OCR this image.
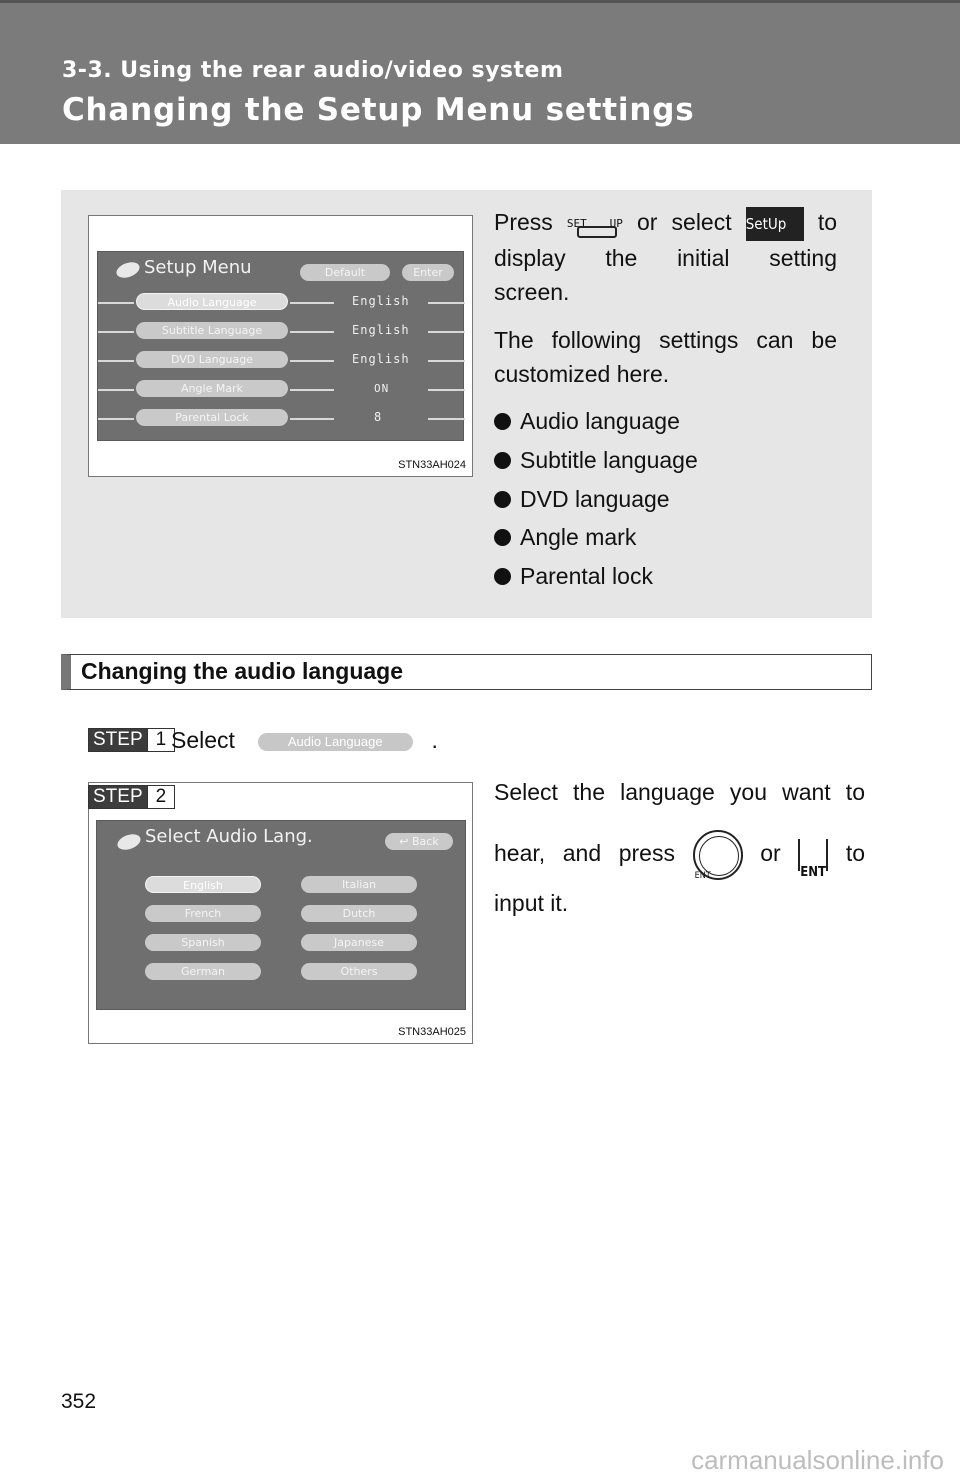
3-3. Using the rear audio/video system
Changing the Setup Menu settings
Setup Menu	Default	Enter
Audio Language	English
Subtitle Language	English
DVD Language	English
Angle Mark	ON
Parental Lock	8
STN33AH024
Press SET UP or select SetUp to
display the initial setting
screen.
The following settings can be
customized here.
Audio language
Subtitle language
DVD language
Angle mark
Parental lock
Changing the audio language
STEP 1 Select	Audio Language .
Select Audio Lang.	↩ Back
English
French
Spanish
German
Italian
Dutch
Japanese
Others
STN33AH025
STEP 2	Select the language you want to
hear, and press
ENT
or
ENT
to
input it.
352
carmanualsonline.info
